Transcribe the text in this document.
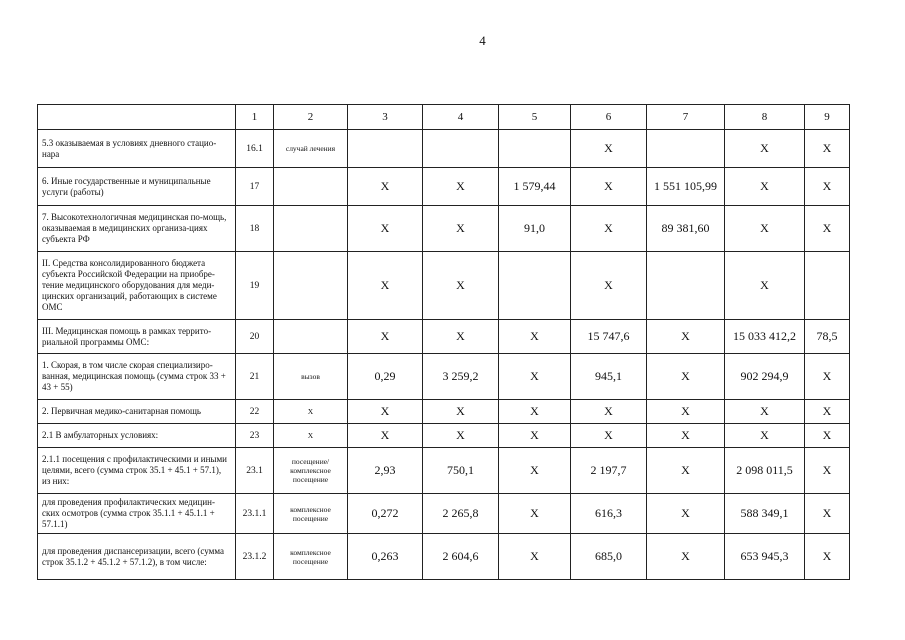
4
	1	2	3	4	5	6	7	8	9
5.3 оказываемая в условиях дневного стацио-нара	16.1	случай лечения				X		X	X
6. Иные государственные и муниципальные услуги (работы)	17		X	X	1 579,44	X	1 551 105,99	X	X
7. Высокотехнологичная медицинская по-мощь, оказываемая в медицинских организа-циях субъекта РФ	18		X	X	91,0	X	89 381,60	X	X
II. Средства консолидированного бюджета субъекта Российской Федерации на приобре-тение медицинского оборудования для меди-цинских организаций, работающих в системе ОМС	19		X	X		X		X	
III. Медицинская помощь в рамках террито-риальной программы ОМС:	20		X	X	X	15 747,6	X	15 033 412,2	78,5
1. Скорая, в том числе скорая специализиро-ванная, медицинская помощь (сумма строк 33 + 43 + 55)	21	вызов	0,29	3 259,2	X	945,1	X	902 294,9	X
2. Первичная медико-санитарная помощь	22	X	X	X	X	X	X	X	X
2.1 В амбулаторных условиях:	23	X	X	X	X	X	X	X	X
2.1.1 посещения с профилактическими и иными целями, всего (сумма строк 35.1 + 45.1 + 57.1), из них:	23.1	посещение/ комплексное посещение	2,93	750,1	X	2 197,7	X	2 098 011,5	X
для проведения профилактических медицин-ских осмотров (сумма строк 35.1.1 + 45.1.1 + 57.1.1)	23.1.1	комплексное посещение	0,272	2 265,8	X	616,3	X	588 349,1	X
для проведения диспансеризации, всего (сумма строк 35.1.2 + 45.1.2 + 57.1.2), в том числе:	23.1.2	комплексное посещение	0,263	2 604,6	X	685,0	X	653 945,3	X
